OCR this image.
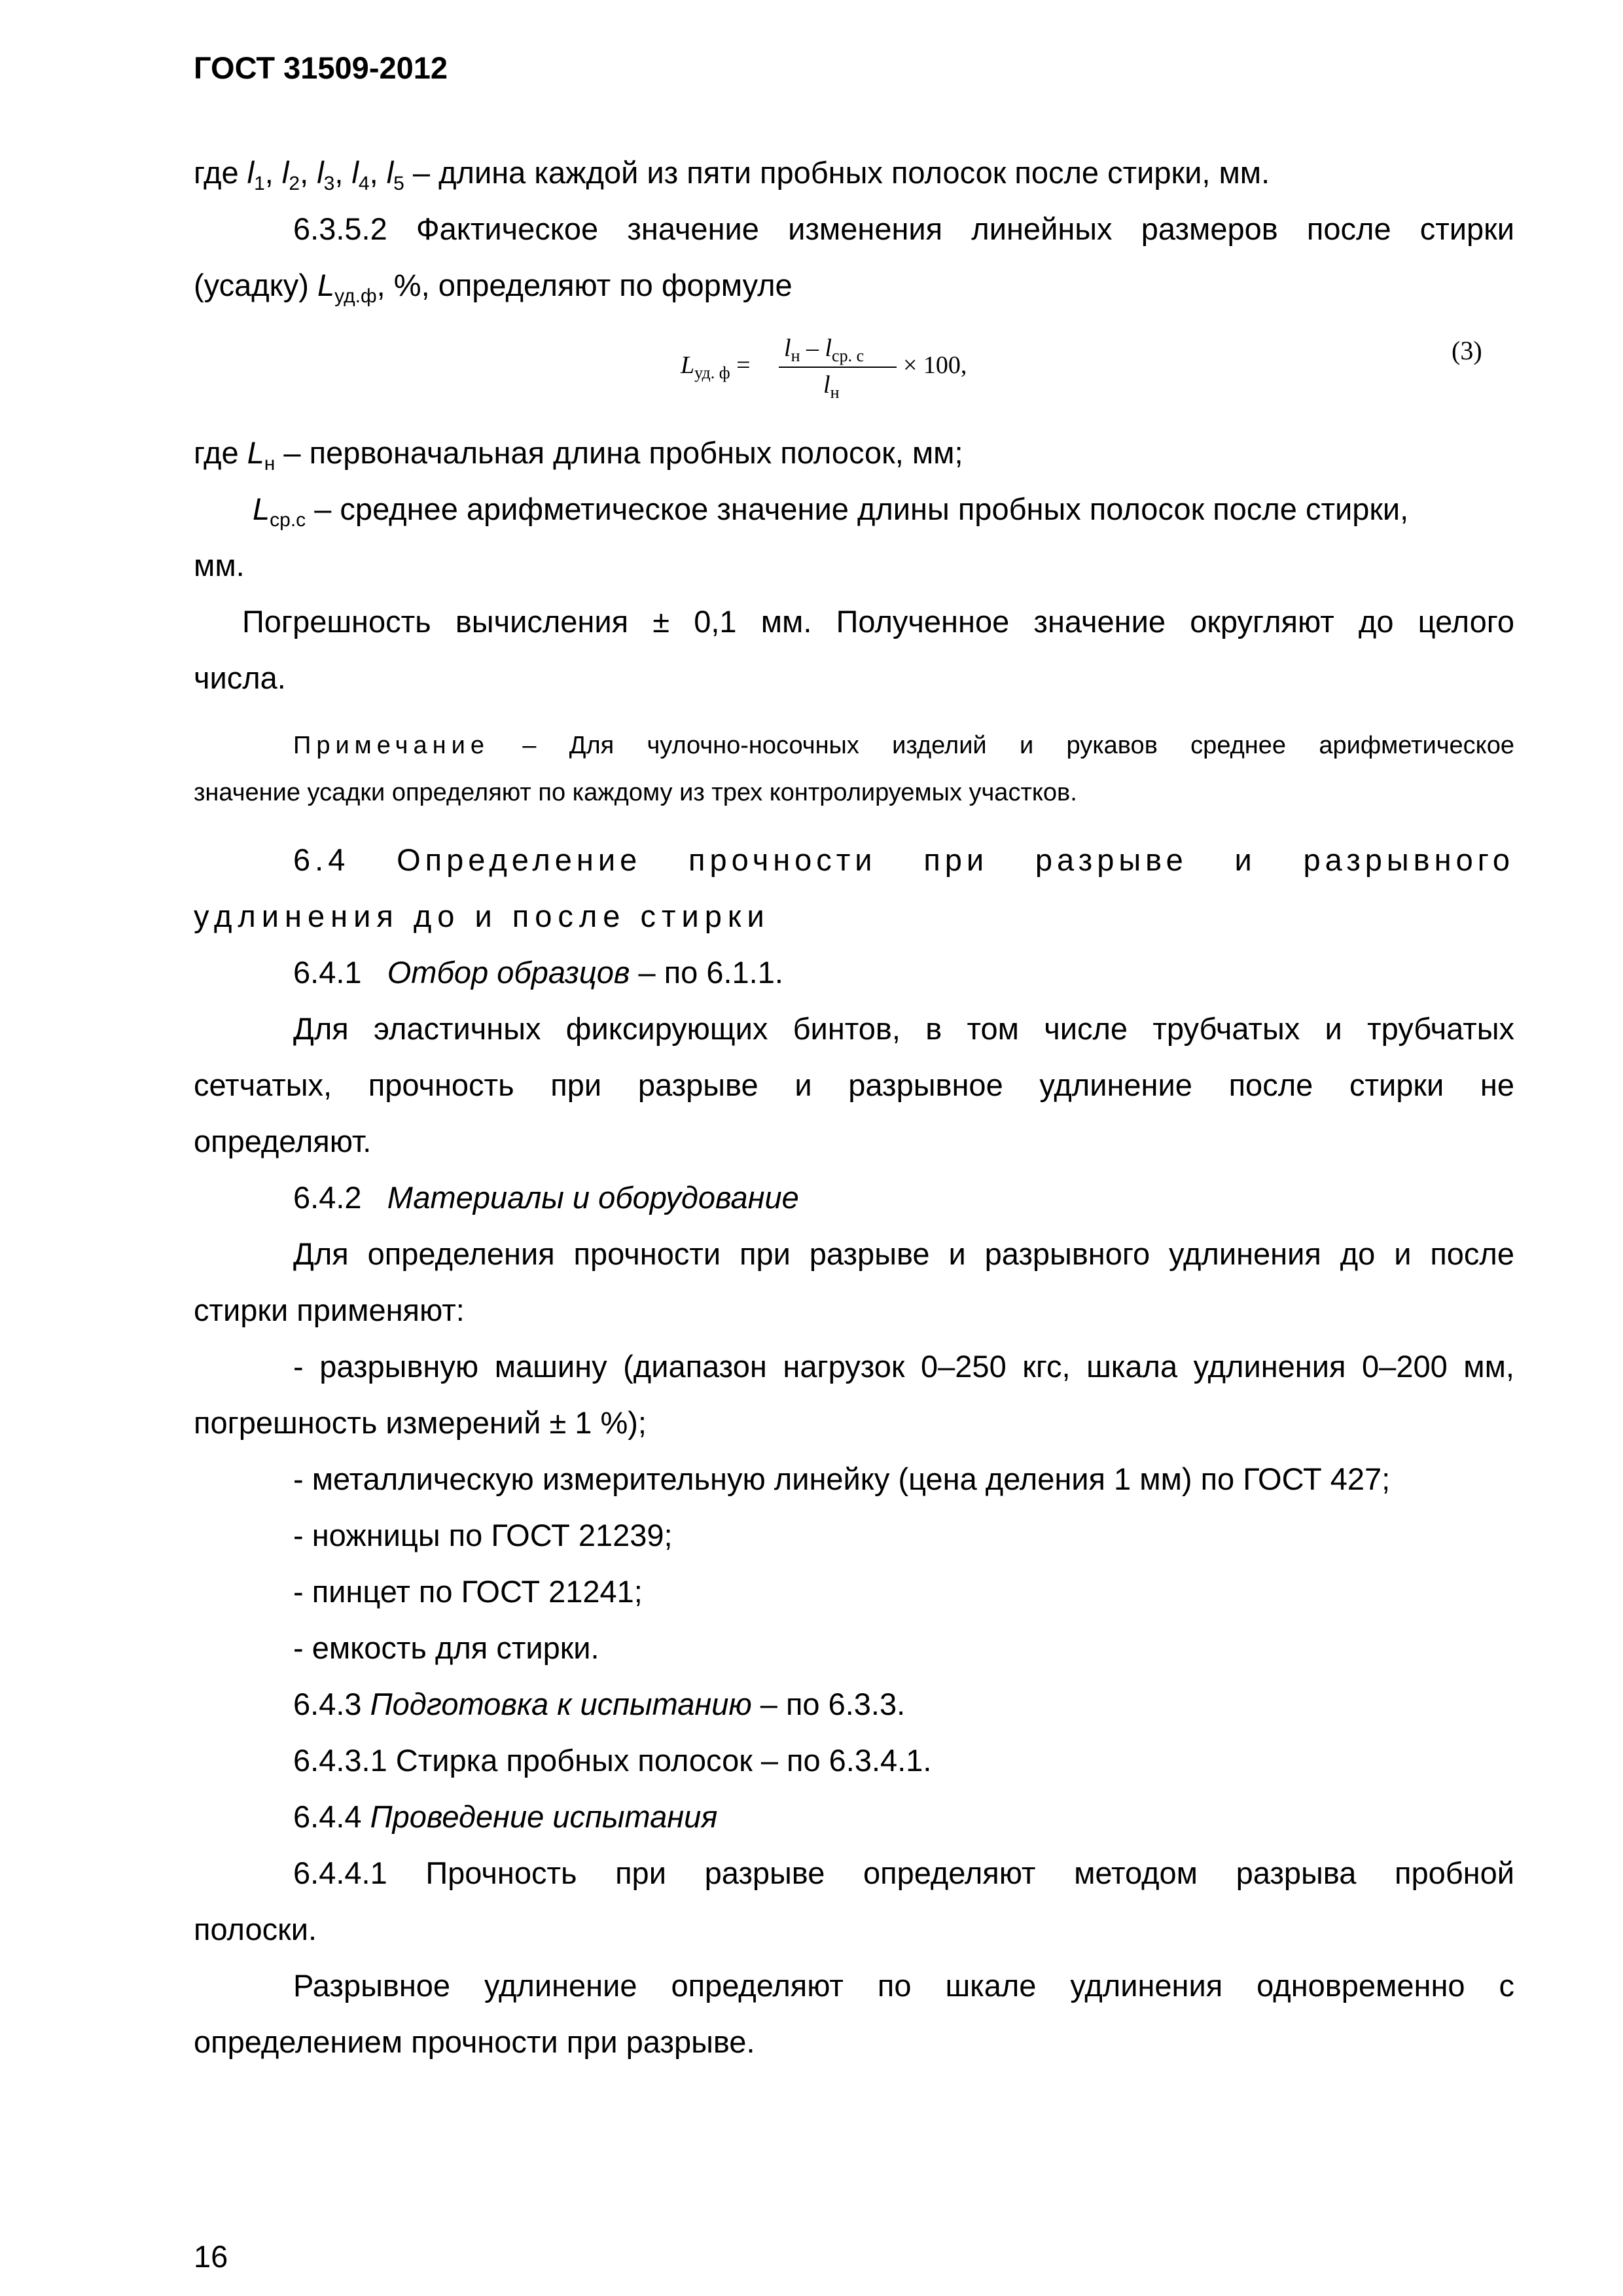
ГОСТ 31509-2012
где $l_1$, $l_2$, $l_3$, $l_4$, $l_5$ – длина каждой из пяти пробных полосок после стирки, мм.
6.3.5.2 Фактическое значение изменения линейных размеров после стирки
(усадку) $L_{уд.ф}$, %, определяют по формуле
$L_{уд. ф}$ =
$l_н - l_{ср. с}$
$l_н$
× 100,	(3)
где $L_н$ – первоначальная длина пробных полосок, мм;
$L_{ср.с}$ – среднее арифметическое значение длины пробных полосок после стирки,
мм.
Погрешность вычисления ± 0,1 мм. Полученное значение округляют до целого
числа.
Примечание – Для чулочно-носочных изделий и рукавов среднее арифметическое
значение усадки определяют по каждому из трех контролируемых участков.
6.4 Определение прочности при разрыве и разрывного
удлинения до и после стирки
6.4.1 Отбор образцов – по 6.1.1.
Для эластичных фиксирующих бинтов, в том числе трубчатых и трубчатых
сетчатых, прочность при разрыве и разрывное удлинение после стирки не
определяют.
6.4.2 Материалы и оборудование
Для определения прочности при разрыве и разрывного удлинения до и после
стирки применяют:
- разрывную машину (диапазон нагрузок 0–250 кгс, шкала удлинения 0–200 мм,
погрешность измерений ± 1 %);
- металлическую измерительную линейку (цена деления 1 мм) по ГОСТ 427;
- ножницы по ГОСТ 21239;
- пинцет по ГОСТ 21241;
- емкость для стирки.
6.4.3 Подготовка к испытанию – по 6.3.3.
6.4.3.1 Стирка пробных полосок – по 6.3.4.1.
6.4.4 Проведение испытания
6.4.4.1 Прочность при разрыве определяют методом разрыва пробной
полоски.
Разрывное удлинение определяют по шкале удлинения одновременно с
определением прочности при разрыве.
16
